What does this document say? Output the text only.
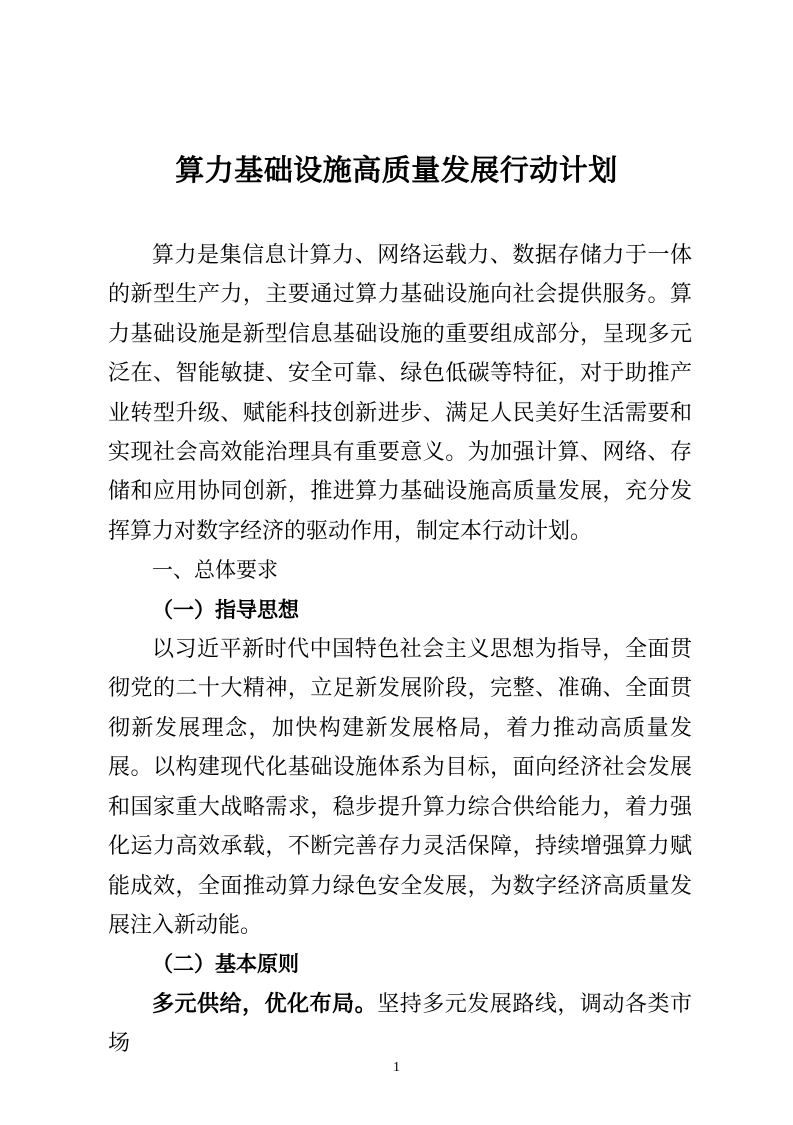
算力基础设施高质量发展行动计划

算力是集信息计算力、网络运载力、数据存储力于一体的新型生产力，主要通过算力基础设施向社会提供服务。算力基础设施是新型信息基础设施的重要组成部分，呈现多元泛在、智能敏捷、安全可靠、绿色低碳等特征，对于助推产业转型升级、赋能科技创新进步、满足人民美好生活需要和实现社会高效能治理具有重要意义。为加强计算、网络、存储和应用协同创新，推进算力基础设施高质量发展，充分发挥算力对数字经济的驱动作用，制定本行动计划。

一、总体要求

（一）指导思想

以习近平新时代中国特色社会主义思想为指导，全面贯彻党的二十大精神，立足新发展阶段，完整、准确、全面贯彻新发展理念，加快构建新发展格局，着力推动高质量发展。以构建现代化基础设施体系为目标，面向经济社会发展和国家重大战略需求，稳步提升算力综合供给能力，着力强化运力高效承载，不断完善存力灵活保障，持续增强算力赋能成效，全面推动算力绿色安全发展，为数字经济高质量发展注入新动能。

（二）基本原则

多元供给，优化布局。坚持多元发展路线，调动各类市场

1
